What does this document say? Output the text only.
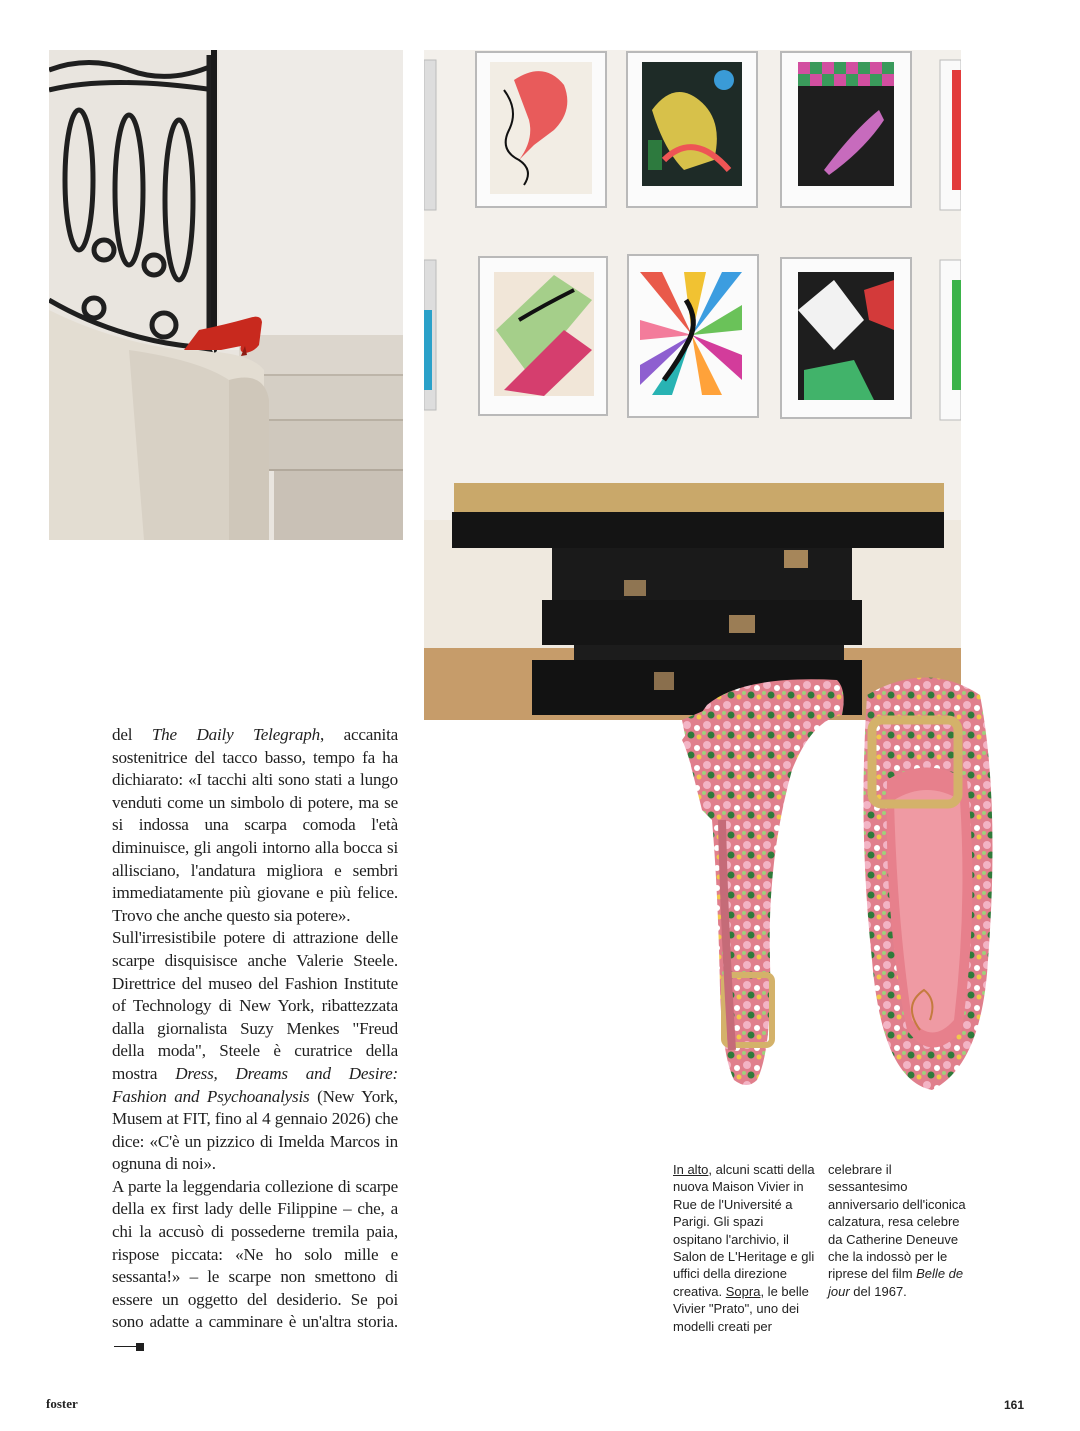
del The Daily Telegraph, accanita sostenitrice del tacco basso, tempo fa ha dichiarato: «I tacchi alti sono stati a lungo venduti come un simbolo di potere, ma se si indossa una scarpa comoda l'età diminuisce, gli angoli intorno alla bocca si allisciano, l'andatura migliora e sembri immediatamente più giovane e più felice. Trovo che anche questo sia potere».

Sull'irresistibile potere di attrazione delle scarpe disquisisce anche Valerie Steele. Direttrice del museo del Fashion Institute of Technology di New York, ribattezzata dalla giornalista Suzy Menkes "Freud della moda", Steele è curatrice della mostra Dress, Dreams and Desire: Fashion and Psychoanalysis (New York, Musem at FIT, fino al 4 gennaio 2026) che dice: «C'è un pizzico di Imelda Marcos in ognuna di noi».

A parte la leggendaria collezione di scarpe della ex first lady delle Filippine – che, a chi la accusò di possederne tremila paia, rispose piccata: «Ne ho solo mille e sessanta!» – le scarpe non smettono di essere un oggetto del desiderio. Se poi sono adatte a camminare è un'altra storia.

In alto, alcuni scatti della nuova Maison Vivier in Rue de l'Université a Parigi. Gli spazi ospitano l'archivio, il Salon de L'Heritage e gli uffici della direzione creativa. Sopra, le belle Vivier "Prato", uno dei modelli creati per
celebrare il sessantesimo anniversario dell'iconica calzatura, resa celebre da Catherine Deneuve che la indossò per le riprese del film Belle de jour del 1967.
foster	161
